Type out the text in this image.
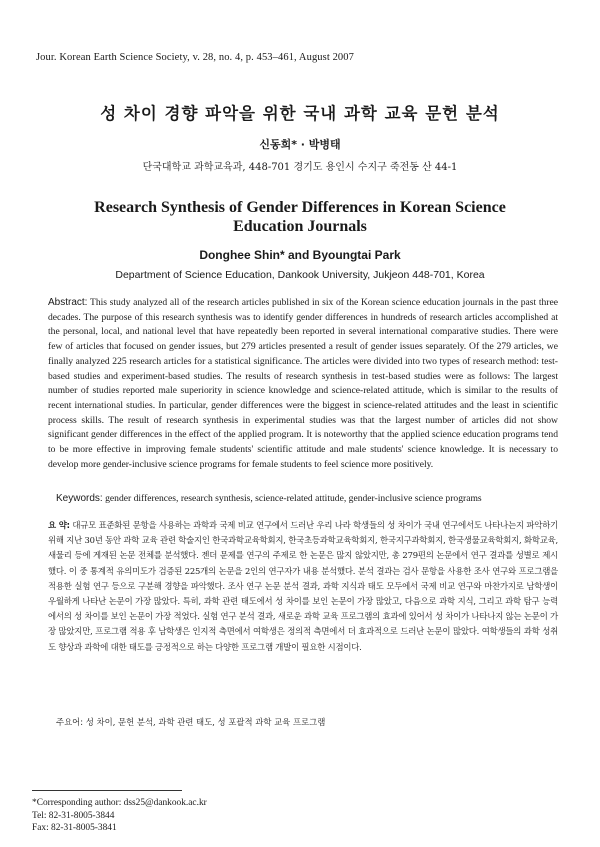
Jour. Korean Earth Science Society, v. 28, no. 4, p. 453–461, August 2007
성 차이 경향 파악을 위한 국내 과학 교육 문헌 분석
신동희* · 박병태
단국대학교 과학교육과, 448-701 경기도 용인시 수지구 죽전동 산 44-1
Research Synthesis of Gender Differences in Korean Science Education Journals
Donghee Shin* and Byoungtai Park
Department of Science Education, Dankook University, Jukjeon 448-701, Korea
Abstract: This study analyzed all of the research articles published in six of the Korean science education journals in the past three decades. The purpose of this research synthesis was to identify gender differences in hundreds of research articles accomplished at the personal, local, and national level that have repeatedly been reported in several international comparative studies. There were few of articles that focused on gender issues, but 279 articles presented a result of gender issues separately. Of the 279 articles, we finally analyzed 225 research articles for a statistical significance. The articles were divided into two types of research method: test-based studies and experiment-based studies. The results of research synthesis in test-based studies were as follows: The largest number of studies reported male superiority in science knowledge and science-related attitude, which is similar to the results of recent international studies. In particular, gender differences were the biggest in science-related attitudes and the least in scientific process skills. The result of research synthesis in experimental studies was that the largest number of articles did not show significant gender differences in the effect of the applied program. It is noteworthy that the applied science education programs tend to be more effective in improving female students' scientific attitude and male students' science knowledge. It is necessary to develop more gender-inclusive science programs for female students to feel science more positively.
Keywords: gender differences, research synthesis, science-related attitude, gender-inclusive science programs
요 약: 대규모 표준화된 문항을 사용하는 과학과 국제 비교 연구에서 드러난 우리 나라 학생들의 성 차이가 국내 연구에서도 나타나는지 파악하기 위해 지난 30년 동안 과학 교육 관련 학술지인 한국과학교육학회지, 한국초등과학교육학회지, 한국지구과학회지, 한국생물교육학회지, 화학교육, 새물리 등에 게재된 논문 전체를 분석했다. 젠더 문제를 연구의 주제로 한 논문은 많지 않았지만, 총 279편의 논문에서 연구 결과를 성별로 제시했다. 이 중 통계적 유의미도가 검증된 225개의 논문을 2인의 연구자가 내용 분석했다. 분석 결과는 검사 문항을 사용한 조사 연구와 프로그램을 적용한 실험 연구 등으로 구분해 경향을 파악했다. 조사 연구 논문 분석 결과, 과학 지식과 태도 모두에서 국제 비교 연구와 마찬가지로 남학생이 우월하게 나타난 논문이 가장 많았다. 특히, 과학 관련 태도에서 성 차이를 보인 논문이 가장 많았고, 다음으로 과학 지식, 그리고 과학 탐구 능력에서의 성 차이를 보인 논문이 가장 적었다. 실험 연구 분석 결과, 새로운 과학 교육 프로그램의 효과에 있어서 성 차이가 나타나지 않는 논문이 가장 많았지만, 프로그램 적용 후 남학생은 인지적 측면에서 여학생은 정의적 측면에서 더 효과적으로 드러난 논문이 많았다. 여학생들의 과학 성취도 향상과 과학에 대한 태도를 긍정적으로 하는 다양한 프로그램 개발이 필요한 시점이다.
주요어: 성 차이, 문헌 분석, 과학 관련 태도, 성 포괄적 과학 교육 프로그램
*Corresponding author: dss25@dankook.ac.kr
Tel: 82-31-8005-3844
Fax: 82-31-8005-3841
